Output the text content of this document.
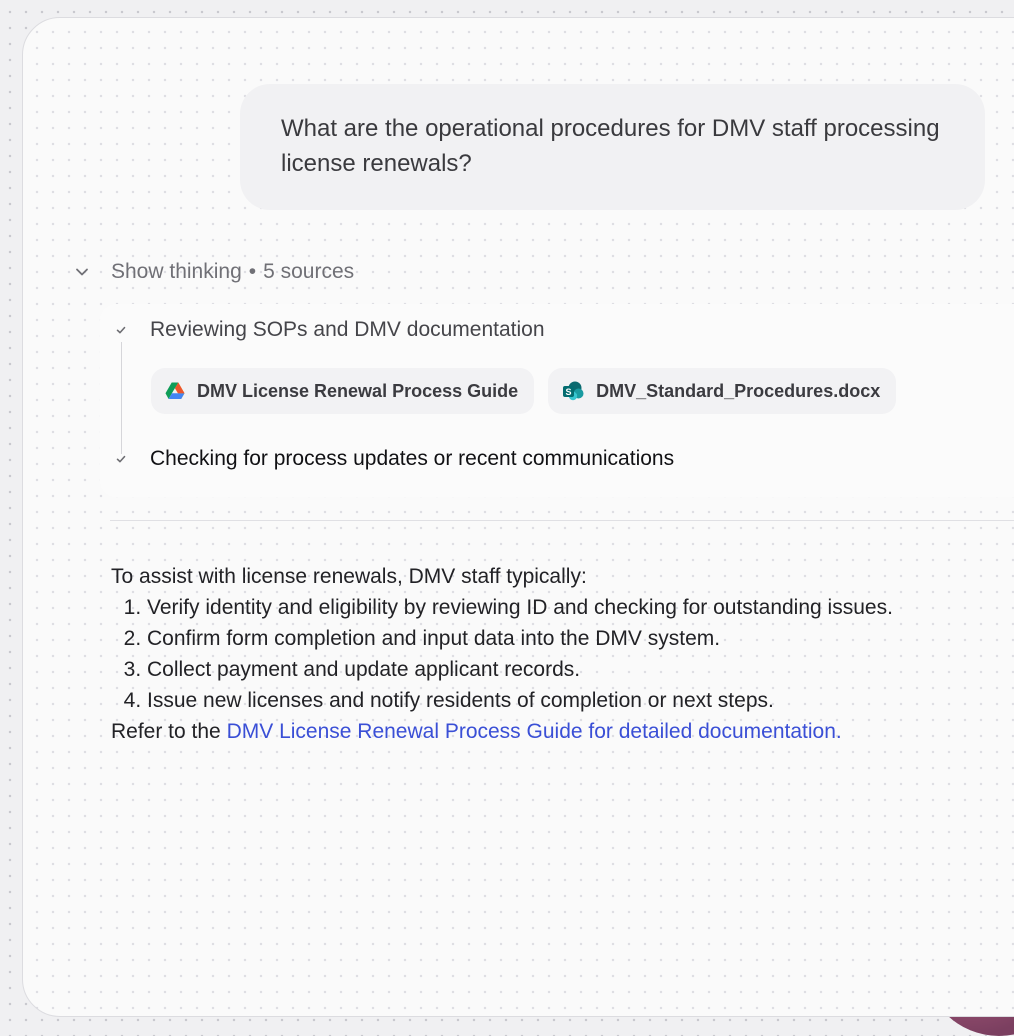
What are the operational procedures for DMV staff processing license renewals?
Show thinking • 5 sources
Reviewing SOPs and DMV documentation
DMV License Renewal Process Guide	S DMV_Standard_Procedures.docx
Checking for process updates or recent communications
To assist with license renewals, DMV staff typically:
1. Verify identity and eligibility by reviewing ID and checking for outstanding issues.
2. Confirm form completion and input data into the DMV system.
3. Collect payment and update applicant records.
4. Issue new licenses and notify residents of completion or next steps.
Refer to the DMV License Renewal Process Guide for detailed documentation.
